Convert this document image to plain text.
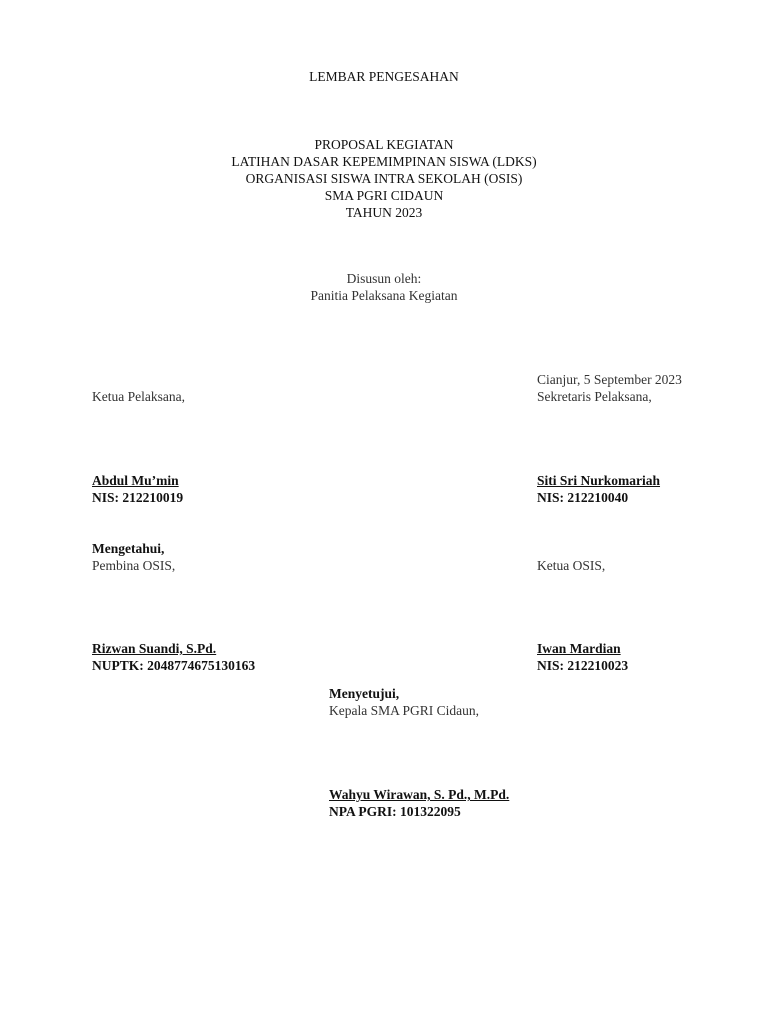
LEMBAR PENGESAHAN
PROPOSAL KEGIATAN
LATIHAN DASAR KEPEMIMPINAN SISWA (LDKS)
ORGANISASI SISWA INTRA SEKOLAH (OSIS)
SMA PGRI CIDAUN
TAHUN 2023
Disusun oleh:
Panitia Pelaksana Kegiatan
Cianjur, 5 September 2023
Ketua Pelaksana,	Sekretaris Pelaksana,
Abdul Mu’min
NIS: 212210019
Siti Sri Nurkomariah
NIS: 212210040
Mengetahui,
Pembina OSIS,	Ketua OSIS,
Rizwan Suandi, S.Pd.
NUPTK: 2048774675130163
Iwan Mardian
NIS: 212210023
Menyetujui,
Kepala SMA PGRI Cidaun,
Wahyu Wirawan, S. Pd., M.Pd.
NPA PGRI: 101322095
